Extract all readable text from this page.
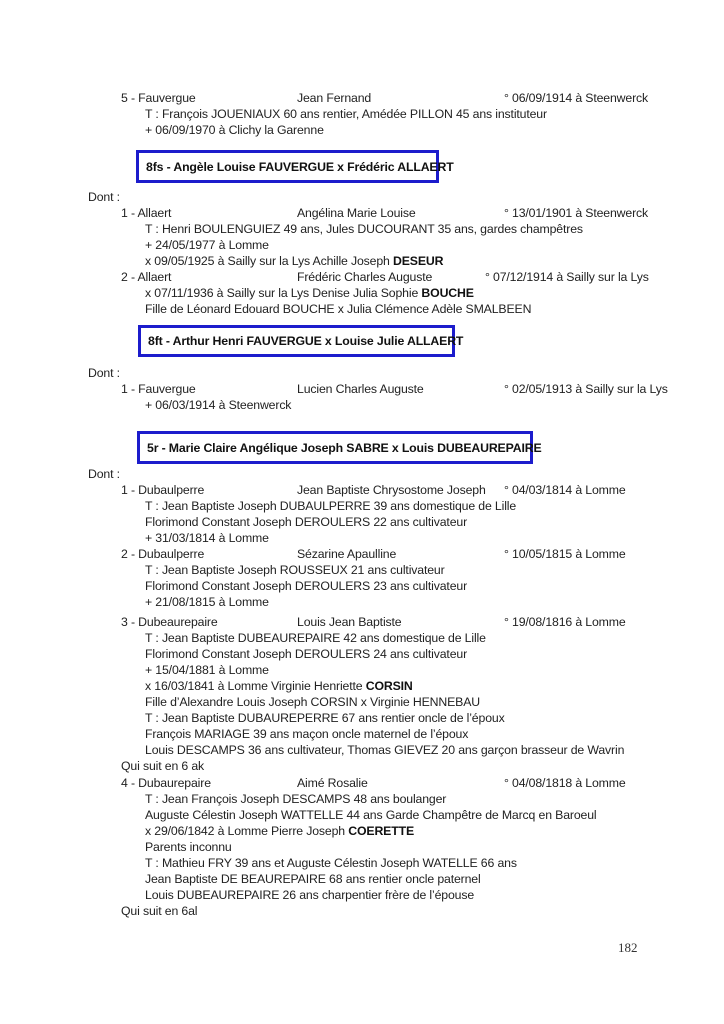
5 - Fauvergue	Jean Fernand	° 06/09/1914 à Steenwerck
T : François JOUENIAUX 60 ans rentier, Amédée PILLON 45 ans instituteur
+ 06/09/1970 à Clichy la Garenne
8fs - Angèle Louise FAUVERGUE x Frédéric ALLAERT
Dont :
1 - Allaert	Angélina Marie Louise	° 13/01/1901 à Steenwerck
T : Henri BOULENGUIEZ 49 ans, Jules DUCOURANT 35 ans, gardes champêtres
+ 24/05/1977 à Lomme
x 09/05/1925 à Sailly sur la Lys Achille Joseph DESEUR
2 - Allaert	Frédéric Charles Auguste	° 07/12/1914 à Sailly sur la Lys
x 07/11/1936 à Sailly sur la Lys Denise Julia Sophie BOUCHE
Fille de Léonard Edouard BOUCHE x Julia Clémence Adèle SMALBEEN
8ft - Arthur Henri FAUVERGUE x Louise Julie ALLAERT
Dont :
1 - Fauvergue	Lucien Charles Auguste	° 02/05/1913 à Sailly sur la Lys
+ 06/03/1914 à Steenwerck
5r - Marie Claire Angélique Joseph SABRE x Louis DUBEAUREPAIRE
Dont :
1 - Dubaulperre	Jean Baptiste Chrysostome Joseph ° 04/03/1814 à Lomme
T : Jean Baptiste Joseph DUBAULPERRE 39 ans domestique de Lille
Florimond Constant Joseph DEROULERS 22 ans cultivateur
+ 31/03/1814 à Lomme
2 - Dubaulperre	Sézarine Apaulline	° 10/05/1815 à Lomme
T : Jean Baptiste Joseph ROUSSEUX 21 ans cultivateur
Florimond Constant Joseph DEROULERS 23 ans cultivateur
+ 21/08/1815 à Lomme
3 - Dubeaurepaire	Louis Jean Baptiste	° 19/08/1816 à Lomme
T : Jean Baptiste DUBEAUREPAIRE 42 ans domestique de Lille
Florimond Constant Joseph DEROULERS 24 ans cultivateur
+ 15/04/1881 à Lomme
x 16/03/1841 à Lomme Virginie Henriette CORSIN
Fille d’Alexandre Louis Joseph CORSIN x Virginie HENNEBAU
T : Jean Baptiste DUBAUREPERRE 67 ans rentier oncle de l’époux
François MARIAGE 39 ans maçon oncle maternel de l’époux
Louis DESCAMPS 36 ans cultivateur, Thomas GIEVEZ 20 ans garçon brasseur de Wavrin
Qui suit en 6 ak
4 - Dubaurepaire	Aimé Rosalie	° 04/08/1818 à Lomme
T : Jean François Joseph DESCAMPS 48 ans boulanger
Auguste Célestin Joseph WATTELLE 44 ans Garde Champêtre de Marcq en Baroeul
x 29/06/1842 à Lomme Pierre Joseph COERETTE
Parents inconnu
T : Mathieu FRY 39 ans et Auguste Célestin Joseph WATELLE 66 ans
Jean Baptiste DE BEAUREPAIRE 68 ans rentier oncle paternel
Louis DUBEAUREPAIRE 26 ans charpentier frère de l’épouse
Qui suit en 6al
182
